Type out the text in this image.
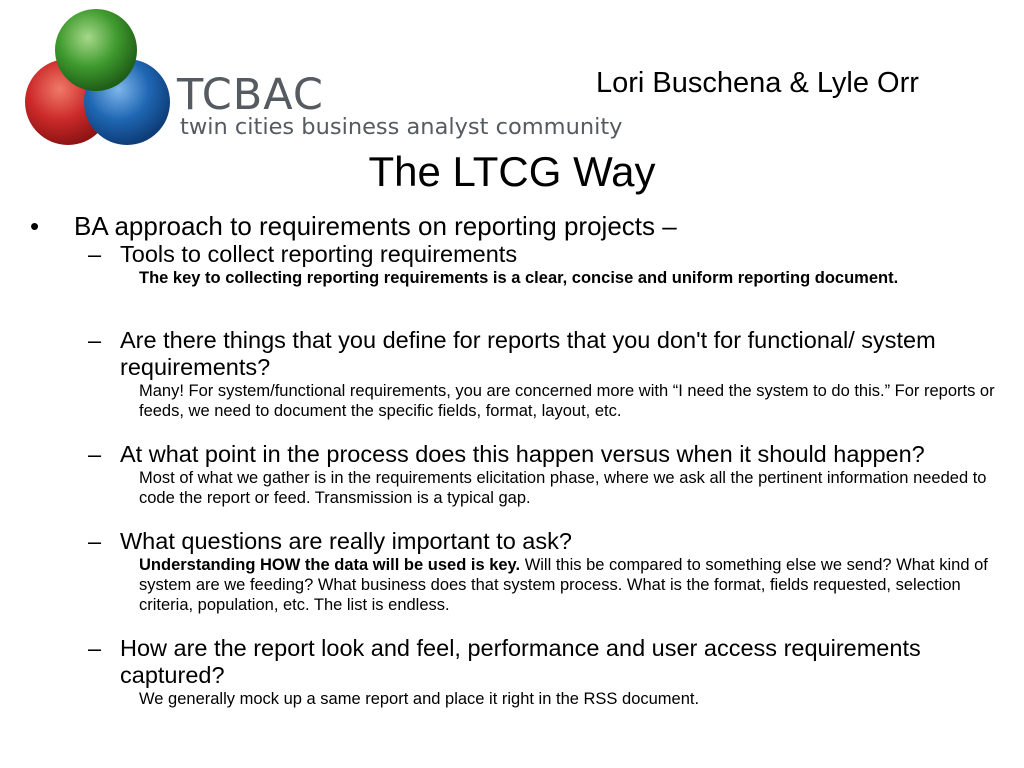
TCBAC
twin cities business analyst community
Lori Buschena & Lyle Orr
The LTCG Way
• BA approach to requirements on reporting projects –
– Tools to collect reporting requirements
The key to collecting reporting requirements is a clear, concise and uniform reporting document.
– Are there things that you define for reports that you don't for functional/ system requirements?
Many! For system/functional requirements, you are concerned more with “I need the system to do this.” For reports or feeds, we need to document the specific fields, format, layout, etc.
– At what point in the process does this happen versus when it should happen?
Most of what we gather is in the requirements elicitation phase, where we ask all the pertinent information needed to code the report or feed. Transmission is a typical gap.
– What questions are really important to ask?
Understanding HOW the data will be used is key. Will this be compared to something else we send? What kind of system are we feeding? What business does that system process. What is the format, fields requested, selection criteria, population, etc. The list is endless.
– How are the report look and feel, performance and user access requirements captured?
We generally mock up a same report and place it right in the RSS document.
